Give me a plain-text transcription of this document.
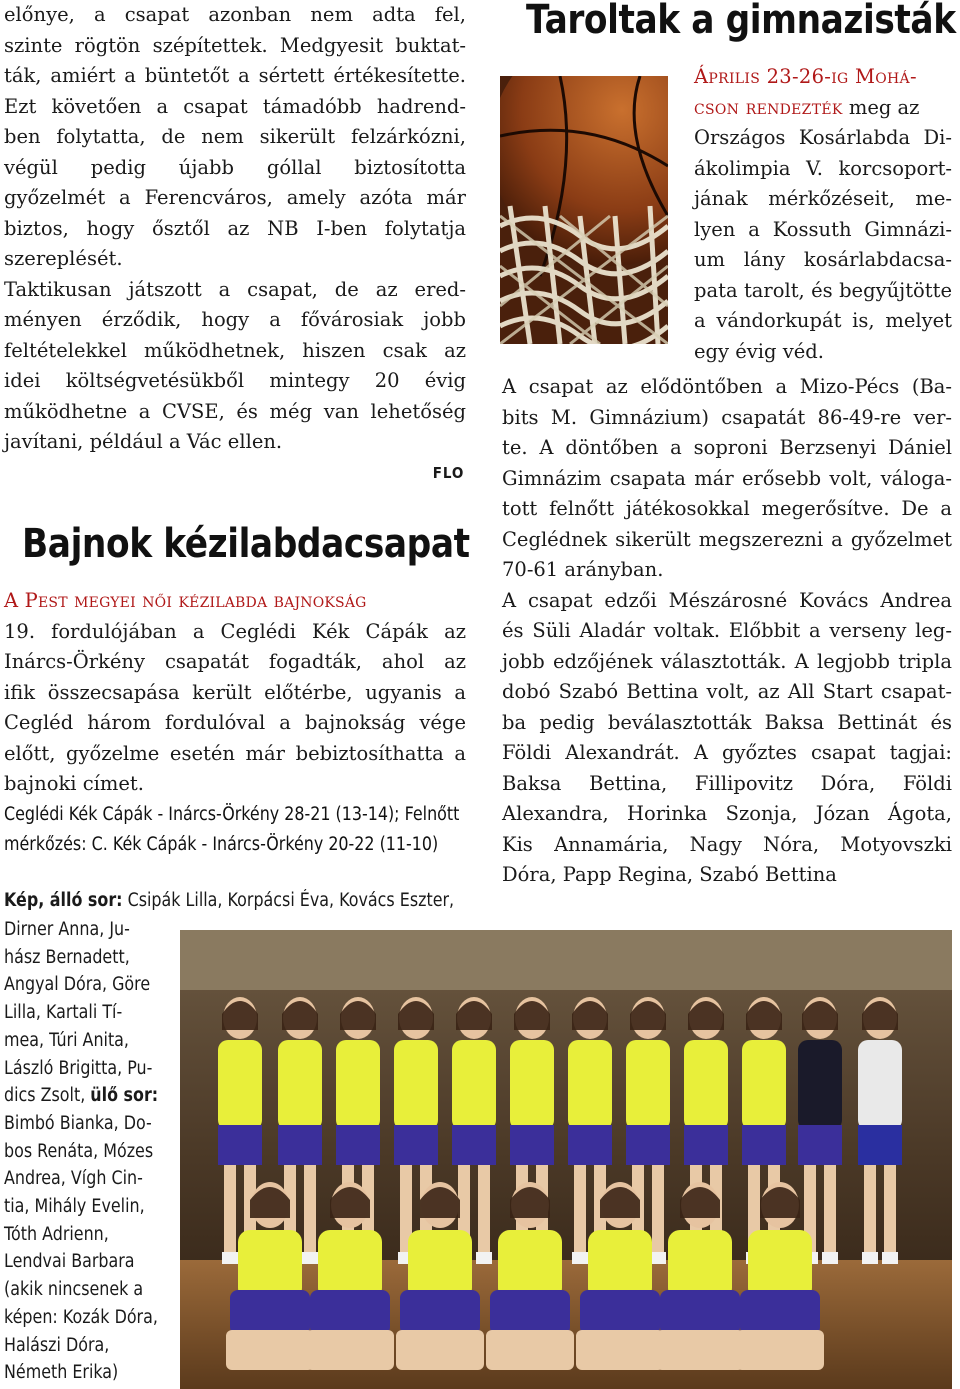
előnye, a csapat azonban nem adta fel,
szinte rögtön szépítettek. Medgyesit buktat-
ták, amiért a büntetőt a sértett értékesítette.
Ezt követően a csapat támadóbb hadrend-
ben folytatta, de nem sikerült felzárkózni,
végül pedig újabb góllal biztosította
győzelmét a Ferencváros, amely azóta már
biztos, hogy ősztől az NB I-ben folytatja
szereplését.

Taktikusan játszott a csapat, de az ered-
ményen érződik, hogy a fővárosiak jobb
feltételekkel működhetnek, hiszen csak az
idei költségvetésükből mintegy 20 évig
működhetne a CVSE, és még van lehetőség
javítani, például a Vác ellen.
FLO

Bajnok kézilabdacsapat

A Pest megyei női kézilabda bajnokság
19. fordulójában a Ceglédi Kék Cápák az
Inárcs-Örkény csapatát fogadták, ahol az
ifik összecsapása került előtérbe, ugyanis a
Cegléd három fordulóval a bajnokság vége
előtt, győzelme esetén már bebiztosíthatta a
bajnoki címet.

Ceglédi Kék Cápák - Inárcs-Örkény 28-21 (13-14); Felnőtt
mérkőzés: C. Kék Cápák - Inárcs-Örkény 20-22 (11-10)
Kép, álló sor: Csipák Lilla, Korpácsi Éva, Kovács Eszter,
Dirner Anna, Ju-
hász Bernadett,
Angyal Dóra, Göre
Lilla, Kartali Tí-
mea, Túri Anita,
László Brigitta, Pu-
dics Zsolt, ülő sor:
Bimbó Bianka, Do-
bos Renáta, Mózes
Andrea, Vígh Cin-
tia, Mihály Evelin,
Tóth Adrienn,
Lendvai Barbara
(akik nincsenek a
képen: Kozák Dóra,
Halászi Dóra,
Németh Erika)
Taroltak a gimnazisták

Április 23-26-ig Mohá-
cson rendezték meg az
Országos Kosárlabda Di-
ákolimpia V. korcsoport-
jának mérkőzéseit, me-
lyen a Kossuth Gimnázi-
um lány kosárlabdacsa-
pata tarolt, és begyűjtötte
a vándorkupát is, melyet
egy évig véd.

A csapat az elődöntőben a Mizo-Pécs (Ba-
bits M. Gimnázium) csapatát 86-49-re ver-
te. A döntőben a soproni Berzsenyi Dániel
Gimnázim csapata már erősebb volt, váloga-
tott felnőtt játékosokkal megerősítve. De a
Ceglédnek sikerült megszerezni a győzelmet
70-61 arányban.

A csapat edzői Mészárosné Kovács Andrea
és Süli Aladár voltak. Előbbit a verseny leg-
jobb edzőjének választották. A legjobb tripla
dobó Szabó Bettina volt, az All Start csapat-
ba pedig beválasztották Baksa Bettinát és
Földi Alexandrát. A győztes csapat tagjai:
Baksa Bettina, Fillipovitz Dóra, Földi
Alexandra, Horinka Szonja, Józan Ágota,
Kis Annamária, Nagy Nóra, Motyovszki
Dóra, Papp Regina, Szabó Bettina
